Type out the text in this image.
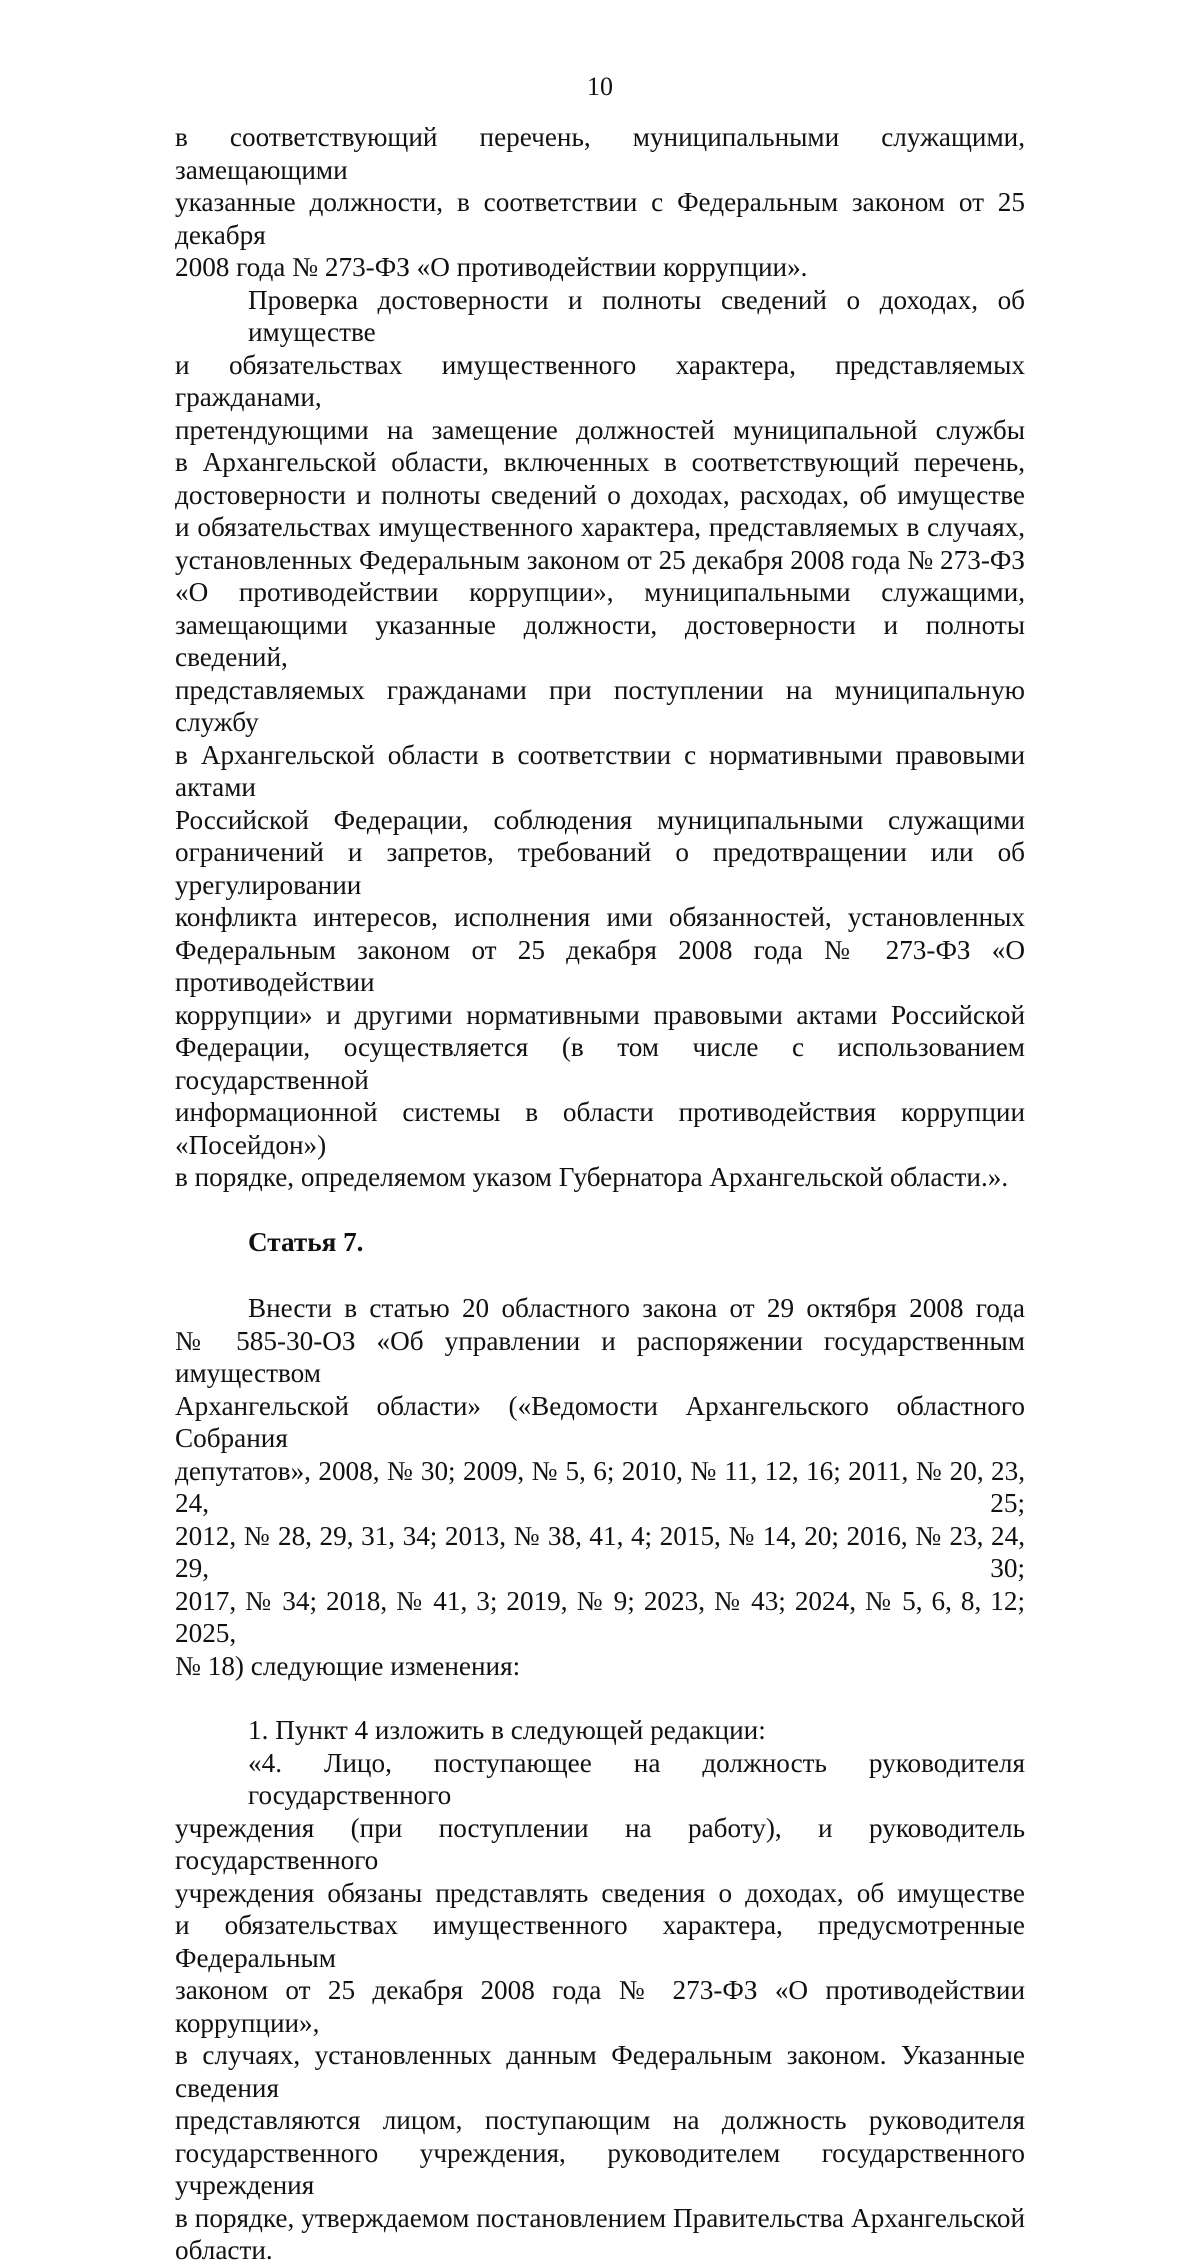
10
в соответствующий перечень, муниципальными служащими, замещающими
указанные должности, в соответствии с Федеральным законом от 25 декабря
2008 года № 273-ФЗ «О противодействии коррупции».
Проверка достоверности и полноты сведений о доходах, об имуществе
и обязательствах имущественного характера, представляемых гражданами,
претендующими на замещение должностей муниципальной службы
в Архангельской области, включенных в соответствующий перечень,
достоверности и полноты сведений о доходах, расходах, об имуществе
и обязательствах имущественного характера, представляемых в случаях,
установленных Федеральным законом от 25 декабря 2008 года № 273-ФЗ
«О противодействии коррупции», муниципальными служащими,
замещающими указанные должности, достоверности и полноты сведений,
представляемых гражданами при поступлении на муниципальную службу
в Архангельской области в соответствии с нормативными правовыми актами
Российской Федерации, соблюдения муниципальными служащими
ограничений и запретов, требований о предотвращении или об урегулировании
конфликта интересов, исполнения ими обязанностей, установленных
Федеральным законом от 25 декабря 2008 года № 273-ФЗ «О противодействии
коррупции» и другими нормативными правовыми актами Российской
Федерации, осуществляется (в том числе с использованием государственной
информационной системы в области противодействия коррупции «Посейдон»)
в порядке, определяемом указом Губернатора Архангельской области.».

Статья 7.

Внести в статью 20 областного закона от 29 октября 2008 года
№ 585-30-ОЗ «Об управлении и распоряжении государственным имуществом
Архангельской области» («Ведомости Архангельского областного Собрания
депутатов», 2008, № 30; 2009, № 5, 6; 2010, № 11, 12, 16; 2011, № 20, 23, 24, 25;
2012, № 28, 29, 31, 34; 2013, № 38, 41, 4; 2015, № 14, 20; 2016, № 23, 24, 29, 30;
2017, № 34; 2018, № 41, 3; 2019, № 9; 2023, № 43; 2024, № 5, 6, 8, 12; 2025,
№ 18) следующие изменения:
1. Пункт 4 изложить в следующей редакции:
«4. Лицо, поступающее на должность руководителя государственного
учреждения (при поступлении на работу), и руководитель государственного
учреждения обязаны представлять сведения о доходах, об имуществе
и обязательствах имущественного характера, предусмотренные Федеральным
законом от 25 декабря 2008 года № 273-ФЗ «О противодействии коррупции»,
в случаях, установленных данным Федеральным законом. Указанные сведения
представляются лицом, поступающим на должность руководителя
государственного учреждения, руководителем государственного учреждения
в порядке, утверждаемом постановлением Правительства Архангельской
области.
